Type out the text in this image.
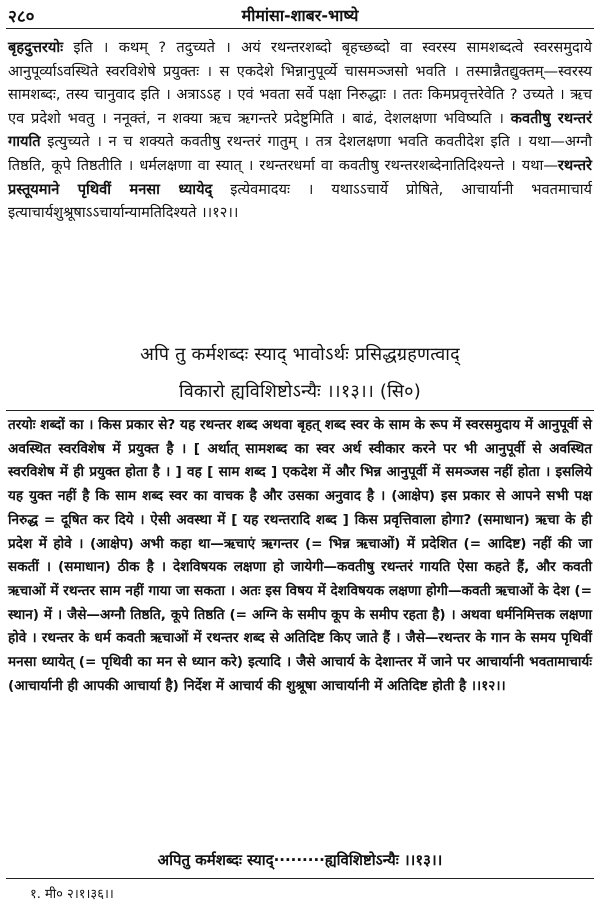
२८०	मीमांसा-शाबर-भाष्ये

बृहदुत्तरयोः इति । कथम् ? तदुच्यते । अयं रथन्तरशब्दो बृहच्छब्दो वा स्वरस्य सामशब्दत्वे स्वरसमुदाये आनुपूर्व्याऽवस्थिते स्वरविशेषे प्रयुक्तः । स एकदेशे भिन्नानुपूर्व्ये चासमञ्जसो भवति । तस्मान्नैतद्युक्तम्—स्वरस्य सामशब्दः, तस्य चानुवाद इति । अत्राऽऽह । एवं भवता सर्वे पक्षा निरुद्धाः । ततः किमप्रवृत्तरेवेति ? उच्यते । ऋच एव प्रदेशो भवतु । ननूक्तं, न शक्या ऋच ऋगन्तरे प्रदेष्टुमिति । बाढं, देशलक्षणा भविष्यति । कवतीषु रथन्तरं गायति इत्युच्यते । न च शक्यते कवतीषु रथन्तरं गातुम् । तत्र देशलक्षणा भवति कवतीदेश इति । यथा—अग्नौ तिष्ठति, कूपे तिष्ठतीति । धर्मलक्षणा वा स्यात् । रथन्तरधर्मा वा कवतीषु रथन्तरशब्देनातिदिश्यन्ते । यथा—रथन्तरे प्रस्तूयमाने पृथिवीं मनसा ध्यायेद् इत्येवमादयः । यथाऽऽचार्ये प्रोषिते, आचार्यानी भवतमाचार्य इत्याचार्यशुश्रूषाऽऽचार्यान्यामतिदिश्यते ।।१२।।

अपि तु कर्मशब्दः स्याद् भावोऽर्थः प्रसिद्धग्रहणत्वाद्
विकारो ह्यविशिष्टोऽन्यैः ।।१३।। (सि०)

तरयोः शब्दों का । किस प्रकार से? यह रथन्तर शब्द अथवा बृहत् शब्द स्वर के साम के रूप में स्वरसमुदाय में आनुपूर्वी से अवस्थित स्वरविशेष में प्रयुक्त है । [ अर्थात् सामशब्द का स्वर अर्थ स्वीकार करने पर भी आनुपूर्वी से अवस्थित स्वरविशेष में ही प्रयुक्त होता है । ] वह [ साम शब्द ] एकदेश में और भिन्न आनुपूर्वी में समञ्जस नहीं होता । इसलिये यह युक्त नहीं है कि साम शब्द स्वर का वाचक है और उसका अनुवाद है । (आक्षेप) इस प्रकार से आपने सभी पक्ष निरुद्ध = दूषित कर दिये । ऐसी अवस्था में [ यह रथन्तरादि शब्द ] किस प्रवृत्तिवाला होगा? (समाधान) ऋचा के ही प्रदेश में होवे । (आक्षेप) अभी कहा था—ऋचाएं ऋगन्तर (= भिन्न ऋचाओं) में प्रदेशित (= आदिष्ट) नहीं की जा सकतीं । (समाधान) ठीक है । देशविषयक लक्षणा हो जायेगी—कवतीषु रथन्तरं गायति ऐसा कहते हैं, और कवती ऋचाओं में रथन्तर साम नहीं गाया जा सकता । अतः इस विषय में देशविषयक लक्षणा होगी—कवती ऋचाओं के देश (= स्थान) में । जैसे—अग्नौ तिष्ठति, कूपे तिष्ठति (= अग्नि के समीप कूप के समीप रहता है) । अथवा धर्मनिमित्तक लक्षणा होवे । रथन्तर के धर्म कवती ऋचाओं में रथन्तर शब्द से अतिदिष्ट किए जाते हैं । जैसे—रथन्तर के गान के समय पृथिवीं मनसा ध्यायेत् (= पृथिवी का मन से ध्यान करे) इत्यादि । जैसे आचार्य के देशान्तर में जाने पर आचार्यानी भवतामाचार्यः (आचार्यानी ही आपकी आचार्या है) निर्देश में आचार्य की शुश्रूषा आचार्यानी में अतिदिष्ट होती है ।।१२।।

अपितु कर्मशब्दः स्याद्·········ह्यविशिष्टोऽन्यैः ।।१३।।
१. मी० २।१।३६।।
